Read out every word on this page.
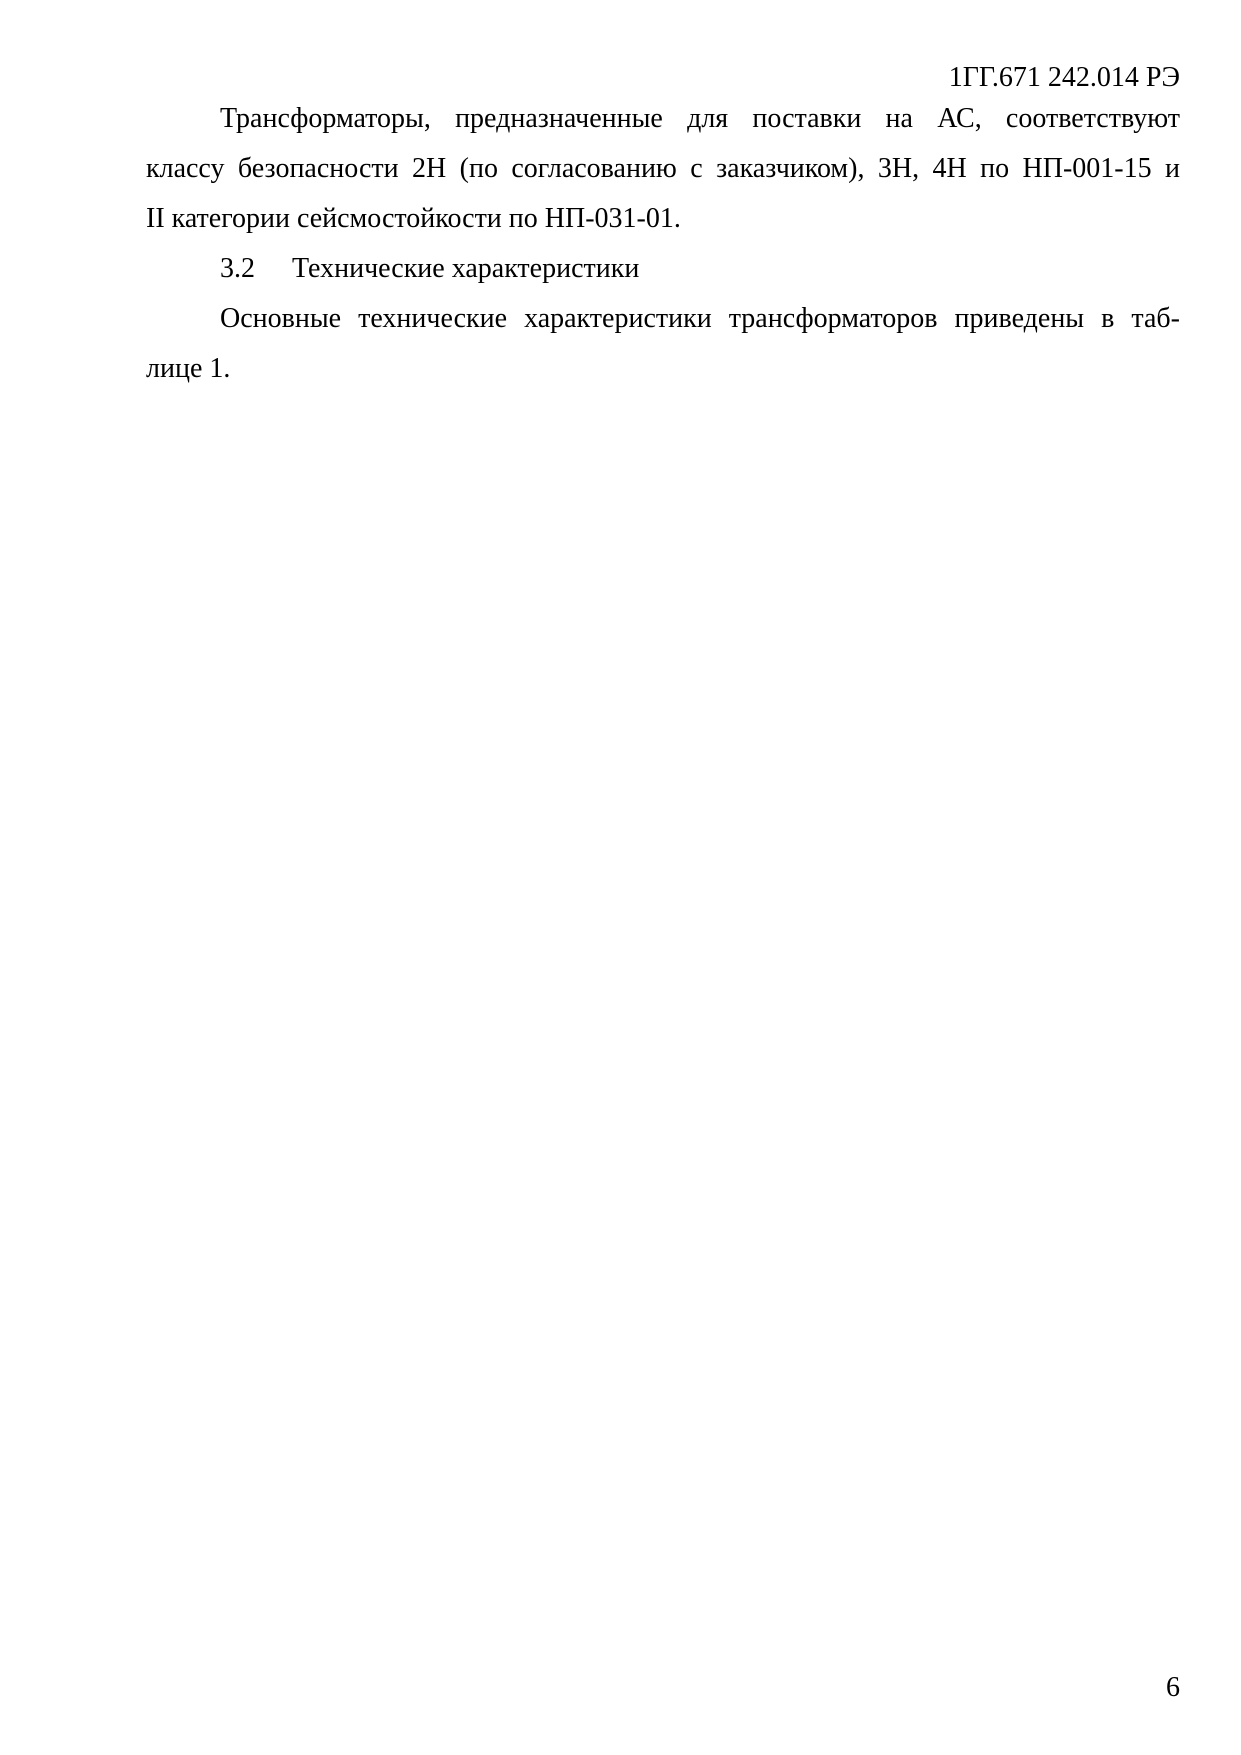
1ГГ.671 242.014 РЭ
Трансформаторы, предназначенные для поставки на АС, соответствуют
классу безопасности 2Н (по согласованию с заказчиком), 3Н, 4Н по НП-001-15 и
II категории сейсмостойкости по НП-031-01.
3.2 Технические характеристики
Основные технические характеристики трансформаторов приведены в таб-
лице 1.
6
